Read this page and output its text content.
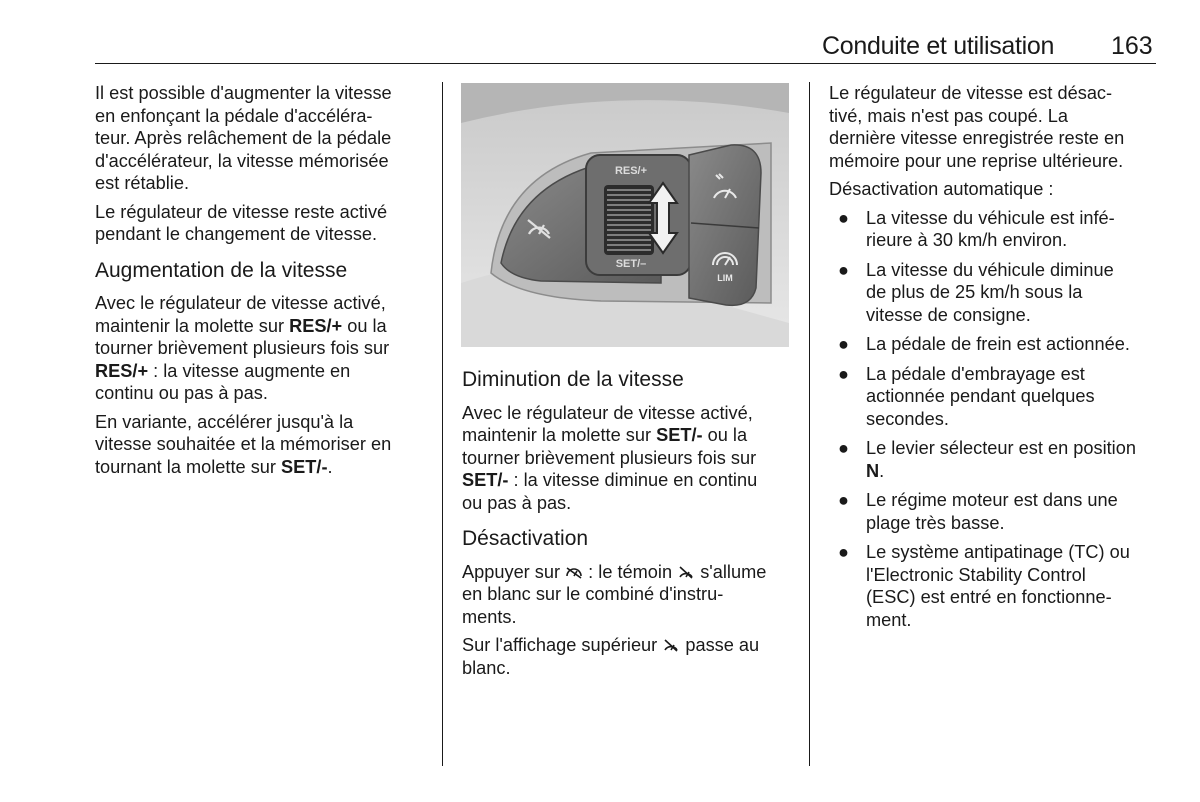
Conduite et utilisation 163

Il est possible d'augmenter la vitesse
en enfonçant la pédale d'accéléra-
teur. Après relâchement de la pédale
d'accélérateur, la vitesse mémorisée
est rétablie.

Le régulateur de vitesse reste activé
pendant le changement de vitesse.

Augmentation de la vitesse

Avec le régulateur de vitesse activé,
maintenir la molette sur RES/+ ou la
tourner brièvement plusieurs fois sur
RES/+ : la vitesse augmente en
continu ou pas à pas.

En variante, accélérer jusqu'à la
vitesse souhaitée et la mémoriser en
tournant la molette sur SET/-.

RES/+
SET/–
LIM
Diminution de la vitesse

Avec le régulateur de vitesse activé,
maintenir la molette sur SET/- ou la
tourner brièvement plusieurs fois sur
SET/- : la vitesse diminue en continu
ou pas à pas.

Désactivation

Appuyer sur  : le témoin  s'allume
en blanc sur le combiné d'instru-
ments.

Sur l'affichage supérieur  passe au
blanc.

Le régulateur de vitesse est désac-
tivé, mais n'est pas coupé. La
dernière vitesse enregistrée reste en
mémoire pour une reprise ultérieure.

Désactivation automatique :

● La vitesse du véhicule est infé-
rieure à 30 km/h environ.
● La vitesse du véhicule diminue
de plus de 25 km/h sous la
vitesse de consigne.
● La pédale de frein est actionnée.
● La pédale d'embrayage est
actionnée pendant quelques
secondes.
● Le levier sélecteur est en position
N.
● Le régime moteur est dans une
plage très basse.
● Le système antipatinage (TC) ou
l'Electronic Stability Control
(ESC) est entré en fonctionne-
ment.
